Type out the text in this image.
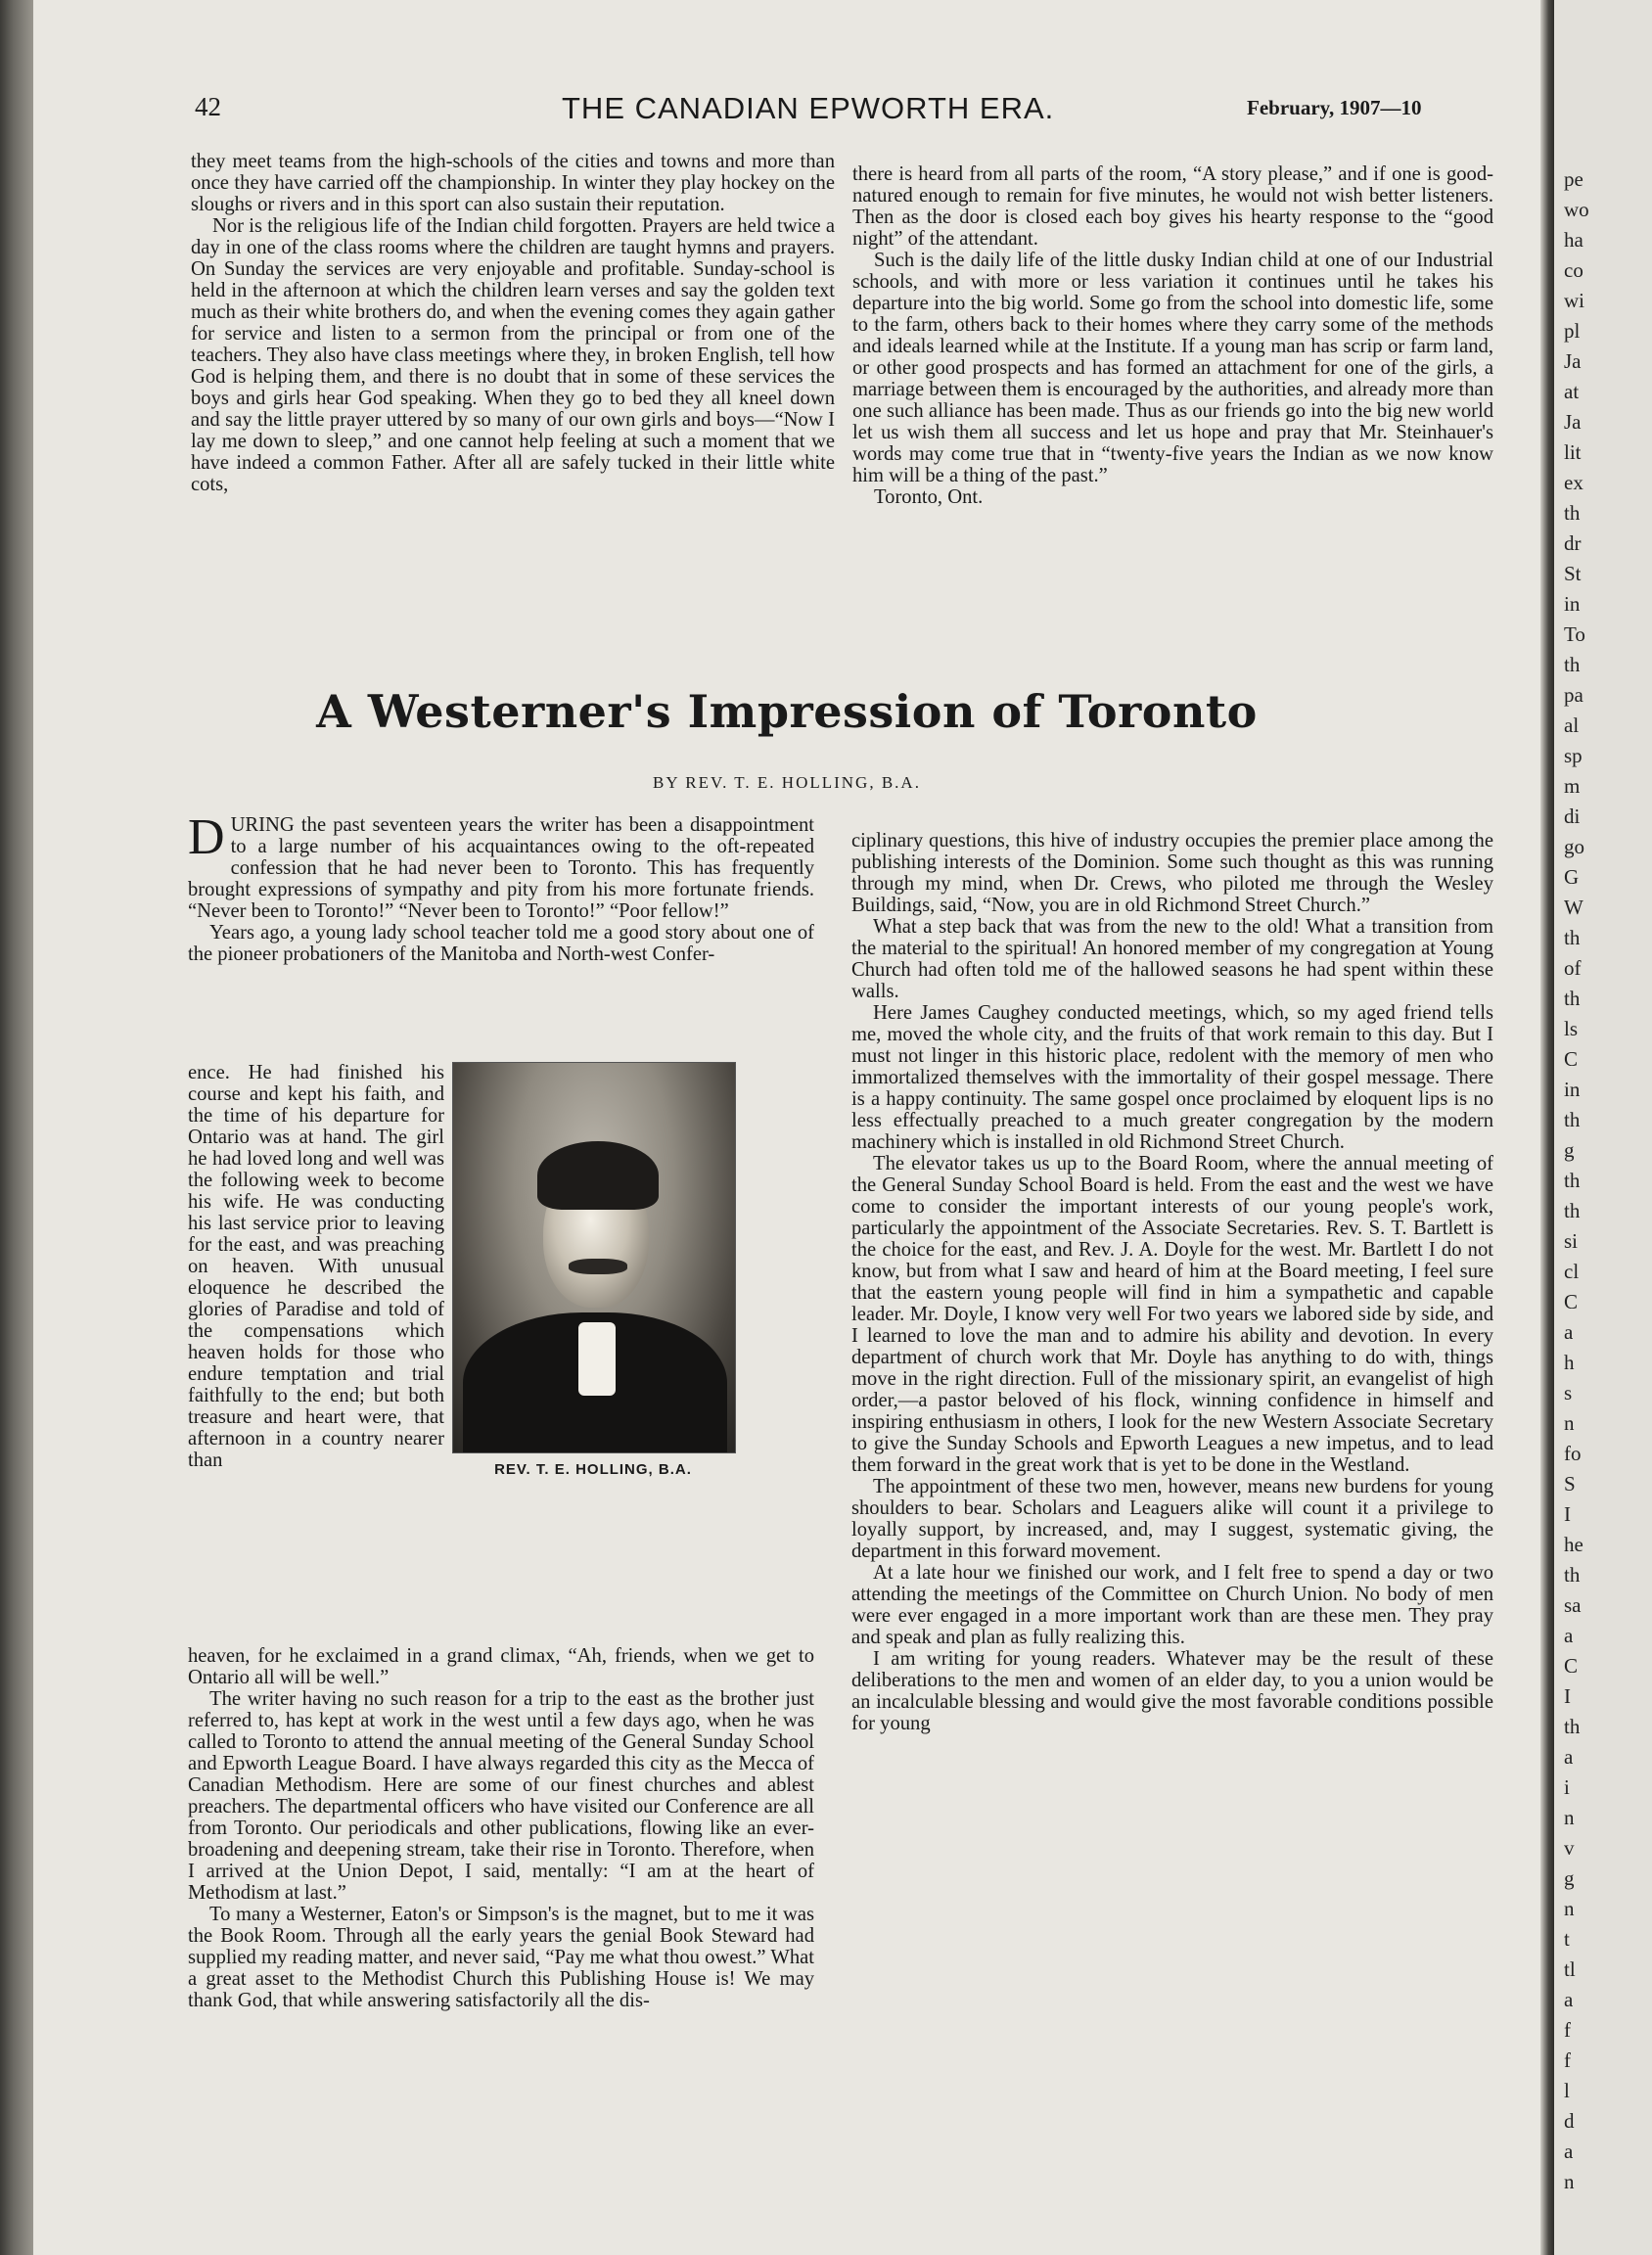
42	THE CANADIAN EPWORTH ERA.	February, 1907—10

they meet teams from the high-schools of the cities and towns and more than once they have carried off the championship. In winter they play hockey on the sloughs or rivers and in this sport can also sustain their reputation.

Nor is the religious life of the Indian child forgotten. Prayers are held twice a day in one of the class rooms where the children are taught hymns and prayers. On Sunday the services are very enjoyable and profitable. Sunday-school is held in the afternoon at which the children learn verses and say the golden text much as their white brothers do, and when the evening comes they again gather for service and listen to a sermon from the principal or from one of the teachers. They also have class meetings where they, in broken English, tell how God is helping them, and there is no doubt that in some of these services the boys and girls hear God speaking. When they go to bed they all kneel down and say the little prayer uttered by so many of our own girls and boys—“Now I lay me down to sleep,” and one cannot help feeling at such a moment that we have indeed a common Father. After all are safely tucked in their little white cots,

there is heard from all parts of the room, “A story please,” and if one is good-natured enough to remain for five minutes, he would not wish better listeners. Then as the door is closed each boy gives his hearty response to the “good night” of the attendant.

Such is the daily life of the little dusky Indian child at one of our Industrial schools, and with more or less variation it continues until he takes his departure into the big world. Some go from the school into domestic life, some to the farm, others back to their homes where they carry some of the methods and ideals learned while at the Institute. If a young man has scrip or farm land, or other good prospects and has formed an attachment for one of the girls, a marriage between them is encouraged by the authorities, and already more than one such alliance has been made. Thus as our friends go into the big new world let us wish them all success and let us hope and pray that Mr. Steinhauer's words may come true that in “twenty-five years the Indian as we now know him will be a thing of the past.”

Toronto, Ont.

A Westerner's Impression of Toronto
BY REV. T. E. HOLLING, B.A.

DURING the past seventeen years the writer has been a disappointment to a large number of his acquaintances owing to the oft-repeated confession that he had never been to Toronto. This has frequently brought expressions of sympathy and pity from his more fortunate friends. “Never been to Toronto!” “Never been to Toronto!” “Poor fellow!”

Years ago, a young lady school teacher told me a good story about one of the pioneer probationers of the Manitoba and North-west Confer-

ence. He had finished his course and kept his faith, and the time of his departure for Ontario was at hand. The girl he had loved long and well was the following week to become his wife. He was conducting his last service prior to leaving for the east, and was preaching on heaven. With unusual eloquence he described the glories of Paradise and told of the compensations which heaven holds for those who endure temptation and trial faithfully to the end; but both treasure and heart were, that afternoon in a country nearer than	REV. T. E. HOLLING, B.A.

heaven, for he exclaimed in a grand climax, “Ah, friends, when we get to Ontario all will be well.”

The writer having no such reason for a trip to the east as the brother just referred to, has kept at work in the west until a few days ago, when he was called to Toronto to attend the annual meeting of the General Sunday School and Epworth League Board. I have always regarded this city as the Mecca of Canadian Methodism. Here are some of our finest churches and ablest preachers. The departmental officers who have visited our Conference are all from Toronto. Our periodicals and other publications, flowing like an ever-broadening and deepening stream, take their rise in Toronto. Therefore, when I arrived at the Union Depot, I said, mentally: “I am at the heart of Methodism at last.”

To many a Westerner, Eaton's or Simpson's is the magnet, but to me it was the Book Room. Through all the early years the genial Book Steward had supplied my reading matter, and never said, “Pay me what thou owest.” What a great asset to the Methodist Church this Publishing House is! We may thank God, that while answering satisfactorily all the dis-

ciplinary questions, this hive of industry occupies the premier place among the publishing interests of the Dominion. Some such thought as this was running through my mind, when Dr. Crews, who piloted me through the Wesley Buildings, said, “Now, you are in old Richmond Street Church.”

What a step back that was from the new to the old! What a transition from the material to the spiritual! An honored member of my congregation at Young Church had often told me of the hallowed seasons he had spent within these walls.

Here James Caughey conducted meetings, which, so my aged friend tells me, moved the whole city, and the fruits of that work remain to this day. But I must not linger in this historic place, redolent with the memory of men who immortalized themselves with the immortality of their gospel message. There is a happy continuity. The same gospel once proclaimed by eloquent lips is no less effectually preached to a much greater congregation by the modern machinery which is installed in old Richmond Street Church.

The elevator takes us up to the Board Room, where the annual meeting of the General Sunday School Board is held. From the east and the west we have come to consider the important interests of our young people's work, particularly the appointment of the Associate Secretaries. Rev. S. T. Bartlett is the choice for the east, and Rev. J. A. Doyle for the west. Mr. Bartlett I do not know, but from what I saw and heard of him at the Board meeting, I feel sure that the eastern young people will find in him a sympathetic and capable leader. Mr. Doyle, I know very well For two years we labored side by side, and I learned to love the man and to admire his ability and devotion. In every department of church work that Mr. Doyle has anything to do with, things move in the right direction. Full of the missionary spirit, an evangelist of high order,—a pastor beloved of his flock, winning confidence in himself and inspiring enthusiasm in others, I look for the new Western Associate Secretary to give the Sunday Schools and Epworth Leagues a new impetus, and to lead them forward in the great work that is yet to be done in the Westland.

The appointment of these two men, however, means new burdens for young shoulders to bear. Scholars and Leaguers alike will count it a privilege to loyally support, by increased, and, may I suggest, systematic giving, the department in this forward movement.

At a late hour we finished our work, and I felt free to spend a day or two attending the meetings of the Committee on Church Union. No body of men were ever engaged in a more important work than are these men. They pray and speak and plan as fully realizing this.

I am writing for young readers. Whatever may be the result of these deliberations to the men and women of an elder day, to you a union would be an incalculable blessing and would give the most favorable conditions possible for young

pe
wo
ha
co
wi
pl
Ja
at
Ja
lit
ex
th
dr
St
in
To
th
pa
al
sp
m
di
go
G
W
th
of
th
ls
C
in
th
g
th
th
si
cl
C
a
h
s
n
fo
S
I
he
th
sa
a
C
I
th
a
i
n
v
g
n
t
tl
a
f
f
l
d
a
n
